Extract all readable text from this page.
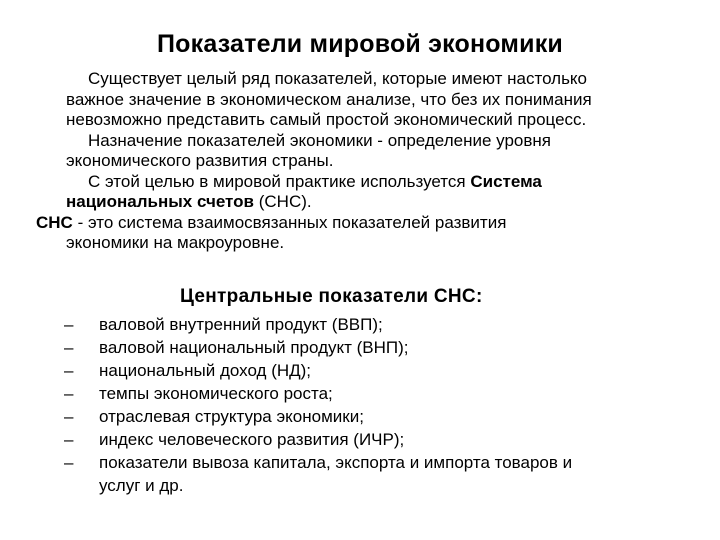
Показатели мировой экономики

Существует целый ряд показателей, которые имеют настолько
важное значение в экономическом анализе, что без их понимания
невозможно представить самый простой экономический процесс.

Назначение показателей экономики - определение уровня
экономического развития страны.

С этой целью в мировой практике используется Система
национальных счетов (СНС).

СНС - это система взаимосвязанных показателей развития
экономики на макроуровне.

Центральные показатели СНС:
– валовой внутренний продукт (ВВП);
– валовой национальный продукт (ВНП);
– национальный доход (НД);
– темпы экономического роста;
– отраслевая структура экономики;
– индекс человеческого развития (ИЧР);
– показатели вывоза капитала, экспорта и импорта товаров и
услуг и др.
